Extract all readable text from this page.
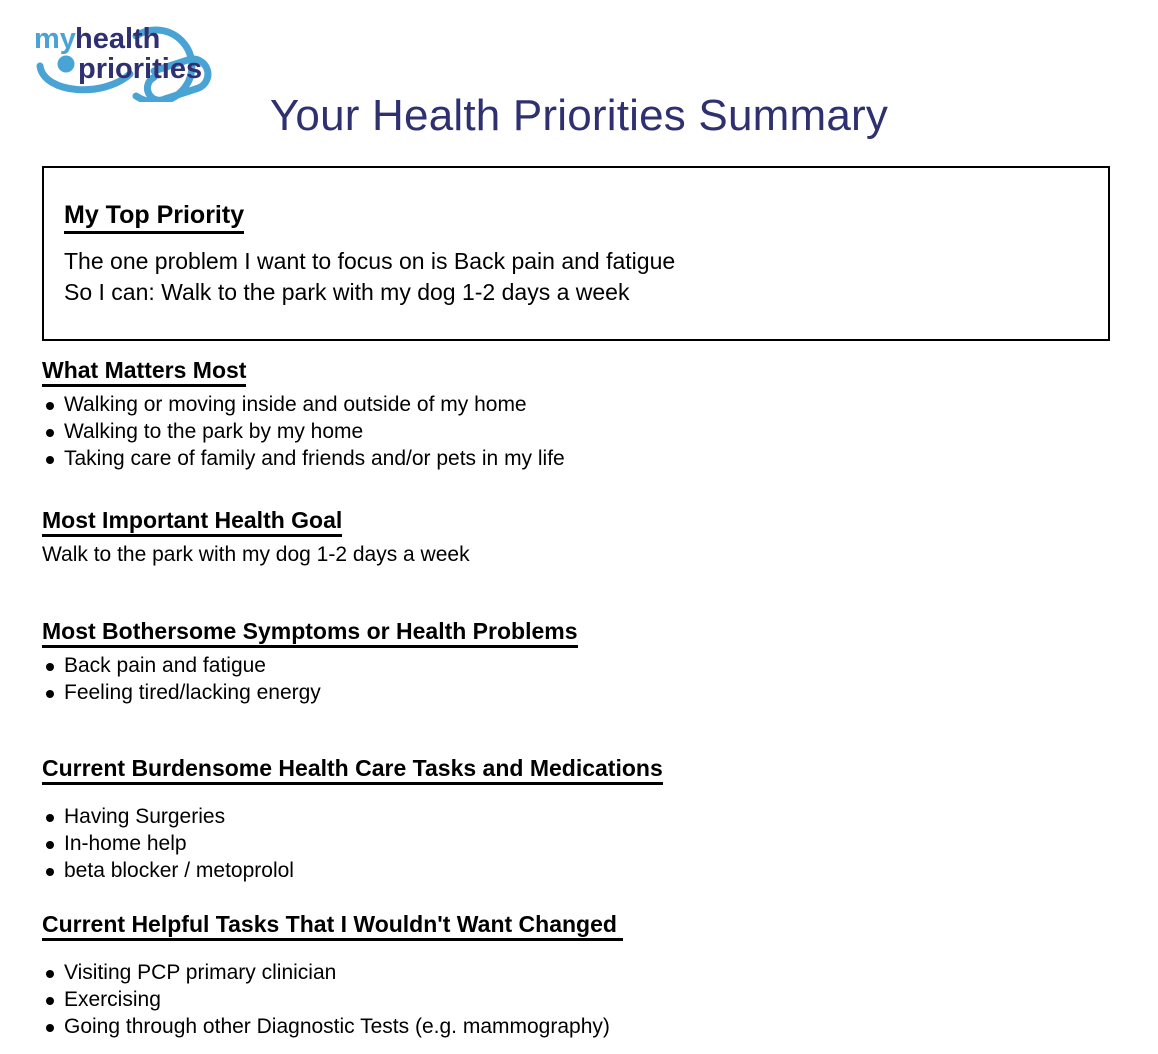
my health
priorities
Your Health Priorities Summary
My Top Priority
The one problem I want to focus on is Back pain and fatigue
So I can: Walk to the park with my dog 1-2 days a week
What Matters Most
Walking or moving inside and outside of my home
Walking to the park by my home
Taking care of family and friends and/or pets in my life
Most Important Health Goal
Walk to the park with my dog 1-2 days a week
Most Bothersome Symptoms or Health Problems
Back pain and fatigue
Feeling tired/lacking energy
Current Burdensome Health Care Tasks and Medications
Having Surgeries
In-home help
beta blocker / metoprolol
Current Helpful Tasks That I Wouldn't Want Changed
Visiting PCP primary clinician
Exercising
Going through other Diagnostic Tests (e.g. mammography)
